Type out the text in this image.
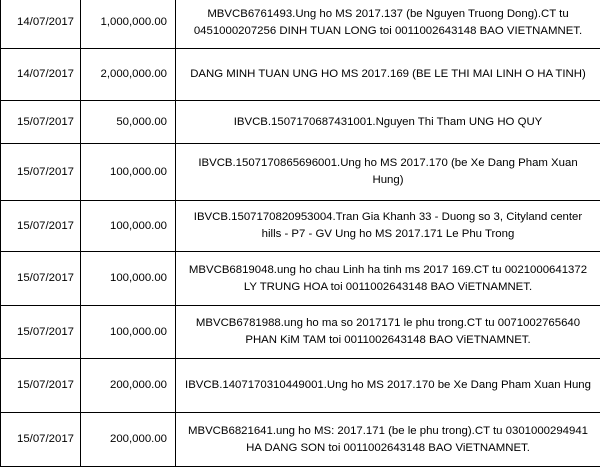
14/07/2017	1,000,000.00	MBVCB6761493.Ung ho MS 2017.137 (be Nguyen Truong Dong).CT tu
0451000207256 DINH TUAN LONG toi 0011002643148 BAO VIETNAMNET.

14/07/2017	2,000,000.00	DANG MINH TUAN UNG HO MS 2017.169 (BE LE THI MAI LINH O HA TINH)

15/07/2017	50,000.00	IBVCB.1507170687431001.Nguyen Thi Tham UNG HO QUY

15/07/2017	100,000.00	IBVCB.1507170865696001.Ung ho MS 2017.170 (be Xe Dang Pham Xuan
Hung)

15/07/2017	100,000.00	IBVCB.1507170820953004.Tran Gia Khanh 33 - Duong so 3, Cityland center
hills - P7 - GV Ung ho MS 2017.171 Le Phu Trong

15/07/2017	100,000.00	MBVCB6819048.ung ho chau Linh ha tinh ms 2017 169.CT tu 0021000641372
LY TRUNG HOA toi 0011002643148 BAO ViETNAMNET.

15/07/2017	100,000.00	MBVCB6781988.ung ho ma so 2017171 le phu trong.CT tu 0071002765640
PHAN KiM TAM toi 0011002643148 BAO ViETNAMNET.

15/07/2017	200,000.00	IBVCB.1407170310449001.Ung ho MS 2017.170 be Xe Dang Pham Xuan Hung

15/07/2017	200,000.00	MBVCB6821641.ung ho MS: 2017.171 (be le phu trong).CT tu 0301000294941
HA DANG SON toi 0011002643148 BAO ViETNAMNET.
